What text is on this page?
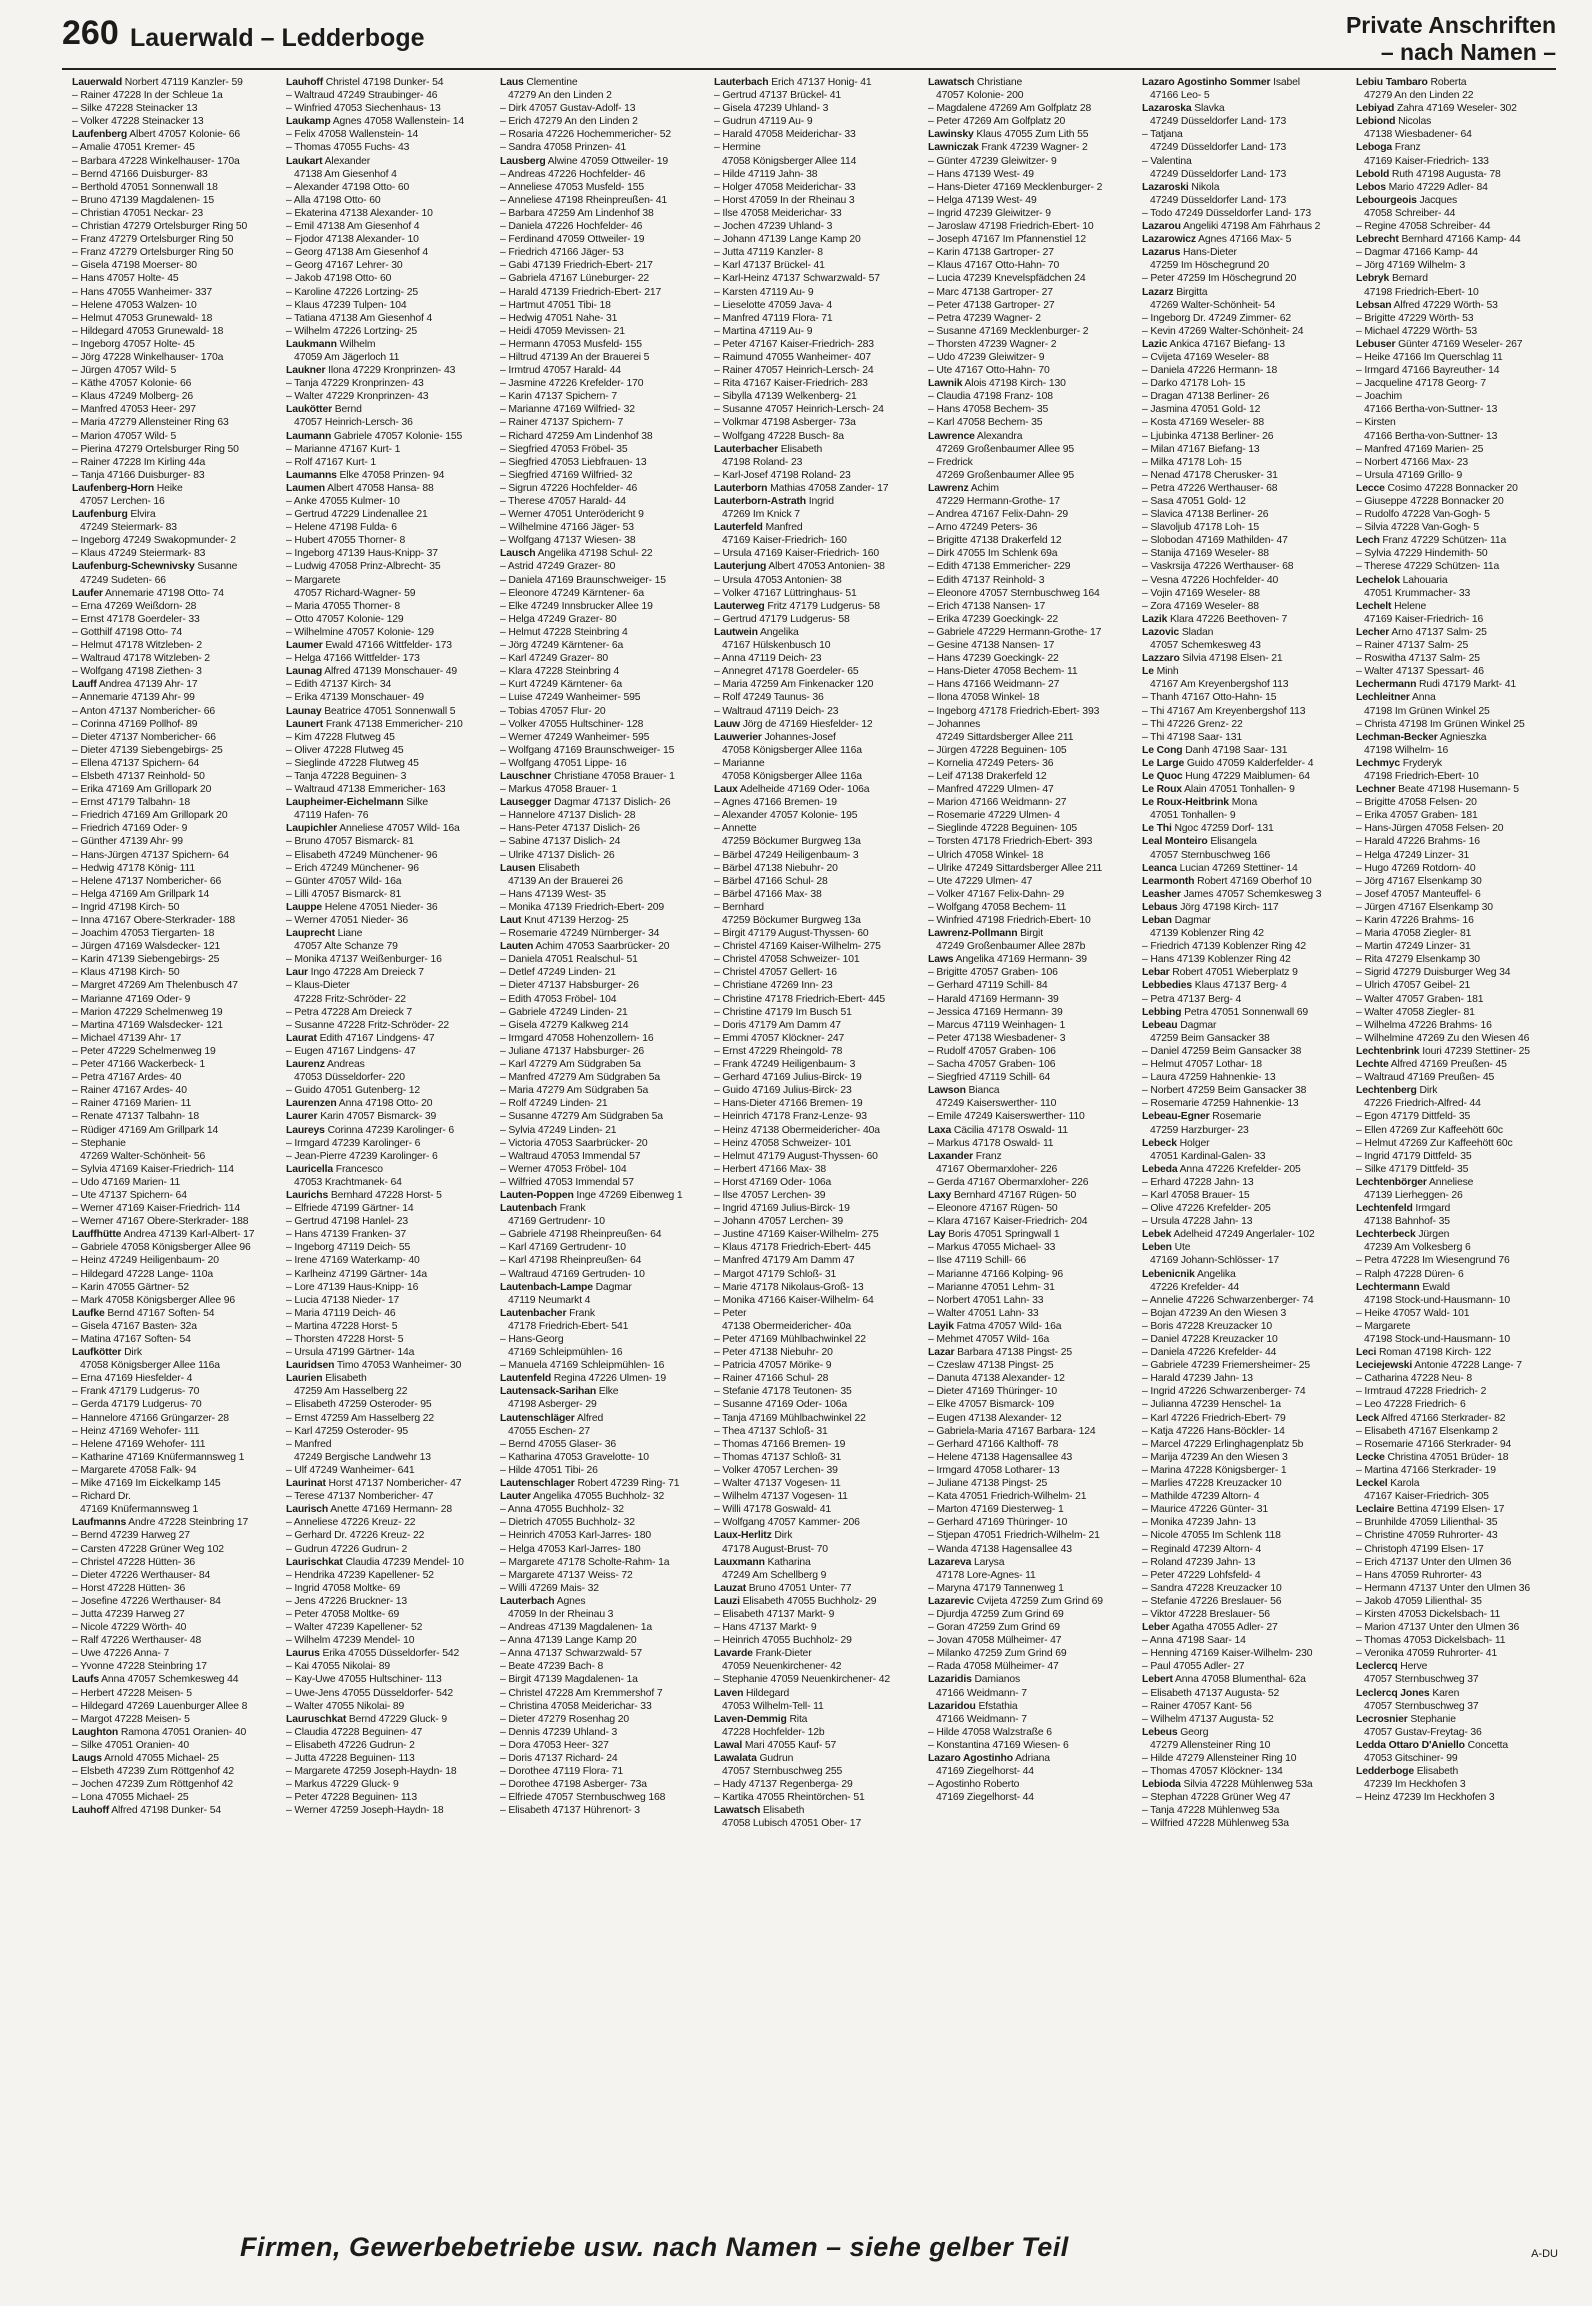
260 Lauerwald – Ledderboge	Private Anschriften
– nach Namen –
Lauerwald Norbert 47119 Kanzler- 59
– Rainer 47228 In der Schleue 1a
– Silke 47228 Steinacker 13
– Volker 47228 Steinacker 13
Laufenberg Albert 47057 Kolonie- 66
– Amalie 47051 Kremer- 45
– Barbara 47228 Winkelhauser- 170a
– Bernd 47166 Duisburger- 83
– Berthold 47051 Sonnenwall 18
– Bruno 47139 Magdalenen- 15
– Christian 47051 Neckar- 23
– Christian 47279 Ortelsburger Ring 50
– Franz 47279 Ortelsburger Ring 50
– Franz 47279 Ortelsburger Ring 50
– Gisela 47198 Moerser- 80
– Hans 47057 Holte- 45
– Hans 47055 Wanheimer- 337
– Helene 47053 Walzen- 10
– Helmut 47053 Grunewald- 18
– Hildegard 47053 Grunewald- 18
– Ingeborg 47057 Holte- 45
– Jörg 47228 Winkelhauser- 170a
– Jürgen 47057 Wild- 5
– Käthe 47057 Kolonie- 66
– Klaus 47249 Molberg- 26
– Manfred 47053 Heer- 297
– Maria 47279 Allensteiner Ring 63
– Marion 47057 Wild- 5
– Pierina 47279 Ortelsburger Ring 50
– Rainer 47228 Im Kirling 44a
– Tanja 47166 Duisburger- 83
Laufenberg-Horn Heike
47057 Lerchen- 16
Laufenburg Elvira
47249 Steiermark- 83
– Ingeborg 47249 Swakopmunder- 2
– Klaus 47249 Steiermark- 83
Laufenburg-Schewnivsky Susanne
47249 Sudeten- 66
Laufer Annemarie 47198 Otto- 74
– Erna 47269 Weißdorn- 28
– Ernst 47178 Goerdeler- 33
– Gotthilf 47198 Otto- 74
– Helmut 47178 Witzleben- 2
– Waltraud 47178 Witzleben- 2
– Wolfgang 47198 Ziethen- 3
Lauff Andrea 47139 Ahr- 17
– Annemarie 47139 Ahr- 99
– Anton 47137 Nombericher- 66
– Corinna 47169 Pollhof- 89
– Dieter 47137 Nombericher- 66
– Dieter 47139 Siebengebirgs- 25
– Ellena 47137 Spichern- 64
– Elsbeth 47137 Reinhold- 50
– Erika 47169 Am Grillopark 20
– Ernst 47179 Talbahn- 18
– Friedrich 47169 Am Grillopark 20
– Friedrich 47169 Oder- 9
– Günther 47139 Ahr- 99
– Hans-Jürgen 47137 Spichern- 64
– Hedwig 47178 König- 111
– Helene 47137 Nombericher- 66
– Helga 47169 Am Grillpark 14
– Ingrid 47198 Kirch- 50
– Inna 47167 Obere-Sterkrader- 188
– Joachim 47053 Tiergarten- 18
– Jürgen 47169 Walsdecker- 121
– Karin 47139 Siebengebirgs- 25
– Klaus 47198 Kirch- 50
– Margret 47269 Am Thelenbusch 47
– Marianne 47169 Oder- 9
– Marion 47229 Schelmenweg 19
– Martina 47169 Walsdecker- 121
– Michael 47139 Ahr- 17
– Peter 47229 Schelmenweg 19
– Peter 47166 Wackerbeck- 1
– Petra 47167 Ardes- 40
– Rainer 47167 Ardes- 40
– Rainer 47169 Marien- 11
– Renate 47137 Talbahn- 18
– Rüdiger 47169 Am Grillpark 14
– Stephanie
47269 Walter-Schönheit- 56
– Sylvia 47169 Kaiser-Friedrich- 114
– Udo 47169 Marien- 11
– Ute 47137 Spichern- 64
– Werner 47169 Kaiser-Friedrich- 114
– Werner 47167 Obere-Sterkrader- 188
Lauffhütte Andrea 47139 Karl-Albert- 17
– Gabriele 47058 Königsberger Allee 96
– Heinz 47249 Heiligenbaum- 20
– Hildegard 47228 Lange- 110a
– Karin 47055 Gärtner- 52
– Mark 47058 Königsberger Allee 96
Laufke Bernd 47167 Soften- 54
– Gisela 47167 Basten- 32a
– Matina 47167 Soften- 54
Laufkötter Dirk
47058 Königsberger Allee 116a
– Erna 47169 Hiesfelder- 4
– Frank 47179 Ludgerus- 70
– Gerda 47179 Ludgerus- 70
– Hannelore 47166 Grüngarzer- 28
– Heinz 47169 Wehofer- 111
– Helene 47169 Wehofer- 111
– Katharine 47169 Knüfermannsweg 1
– Margarete 47058 Falk- 94
– Mike 47169 Im Eickelkamp 145
– Richard Dr.
47169 Knüfermannsweg 1
Laufmanns Andre 47228 Steinbring 17
– Bernd 47239 Harweg 27
– Carsten 47228 Grüner Weg 102
– Christel 47228 Hütten- 36
– Dieter 47226 Werthauser- 84
– Horst 47228 Hütten- 36
– Josefine 47226 Werthauser- 84
– Jutta 47239 Harweg 27
– Nicole 47229 Wörth- 40
– Ralf 47226 Werthauser- 48
– Uwe 47226 Anna- 7
– Yvonne 47228 Steinbring 17
Laufs Anna 47057 Schemkesweg 44
– Herbert 47228 Meisen- 5
– Hildegard 47269 Lauenburger Allee 8
– Margot 47228 Meisen- 5
Laughton Ramona 47051 Oranien- 40
– Silke 47051 Oranien- 40
Laugs Arnold 47055 Michael- 25
– Elsbeth 47239 Zum Röttgenhof 42
– Jochen 47239 Zum Röttgenhof 42
– Lona 47055 Michael- 25
Lauhoff Alfred 47198 Dunker- 54
Lauhoff Christel 47198 Dunker- 54
– Waltraud 47249 Straubinger- 46
– Winfried 47053 Siechenhaus- 13
Laukamp Agnes 47058 Wallenstein- 14
– Felix 47058 Wallenstein- 14
– Thomas 47055 Fuchs- 43
Laukart Alexander
47138 Am Giesenhof 4
– Alexander 47198 Otto- 60
– Alla 47198 Otto- 60
– Ekaterina 47138 Alexander- 10
– Emil 47138 Am Giesenhof 4
– Fjodor 47138 Alexander- 10
– Georg 47138 Am Giesenhof 4
– Georg 47167 Lehrer- 30
– Jakob 47198 Otto- 60
– Karoline 47226 Lortzing- 25
– Klaus 47239 Tulpen- 104
– Tatiana 47138 Am Giesenhof 4
– Wilhelm 47226 Lortzing- 25
Laukmann Wilhelm
47059 Am Jägerloch 11
Laukner Ilona 47229 Kronprinzen- 43
– Tanja 47229 Kronprinzen- 43
– Walter 47229 Kronprinzen- 43
Laukötter Bernd
47057 Heinrich-Lersch- 36
Laumann Gabriele 47057 Kolonie- 155
– Marianne 47167 Kurt- 1
– Rolf 47167 Kurt- 1
Laumanns Elke 47058 Prinzen- 94
Laumen Albert 47058 Hansa- 88
– Anke 47055 Kulmer- 10
– Gertrud 47229 Lindenallee 21
– Helene 47198 Fulda- 6
– Hubert 47055 Thorner- 8
– Ingeborg 47139 Haus-Knipp- 37
– Ludwig 47058 Prinz-Albrecht- 35
– Margarete
47057 Richard-Wagner- 59
– Maria 47055 Thorner- 8
– Otto 47057 Kolonie- 129
– Wilhelmine 47057 Kolonie- 129
Laumer Ewald 47166 Wittfelder- 173
– Helga 47166 Wittfelder- 173
Launag Alfred 47139 Monschauer- 49
– Edith 47137 Kirch- 34
– Erika 47139 Monschauer- 49
Launay Beatrice 47051 Sonnenwall 5
Launert Frank 47138 Emmericher- 210
– Kim 47228 Flutweg 45
– Oliver 47228 Flutweg 45
– Sieglinde 47228 Flutweg 45
– Tanja 47228 Beguinen- 3
– Waltraud 47138 Emmericher- 163
Laupheimer-Eichelmann Silke
47119 Hafen- 76
Laupichler Anneliese 47057 Wild- 16a
– Bruno 47057 Bismarck- 81
– Elisabeth 47249 Münchener- 96
– Erich 47249 Münchener- 96
– Günter 47057 Wild- 16a
– Lilli 47057 Bismarck- 81
Lauppe Helene 47051 Nieder- 36
– Werner 47051 Nieder- 36
Lauprecht Liane
47057 Alte Schanze 79
– Monika 47137 Weißenburger- 16
Laur Ingo 47228 Am Dreieck 7
– Klaus-Dieter
47228 Fritz-Schröder- 22
– Petra 47228 Am Dreieck 7
– Susanne 47228 Fritz-Schröder- 22
Laurat Edith 47167 Lindgens- 47
– Eugen 47167 Lindgens- 47
Laurenz Andreas
47053 Düsseldorfer- 220
– Guido 47051 Gutenberg- 12
Laurenzen Anna 47198 Otto- 20
Laurer Karin 47057 Bismarck- 39
Laureys Corinna 47239 Karolinger- 6
– Irmgard 47239 Karolinger- 6
– Jean-Pierre 47239 Karolinger- 6
Lauricella Francesco
47053 Krachtmanek- 64
Laurichs Bernhard 47228 Horst- 5
– Elfriede 47199 Gärtner- 14
– Gertrud 47198 Hanlel- 23
– Hans 47139 Franken- 37
– Ingeborg 47119 Deich- 55
– Irene 47169 Waterkamp- 40
– Karlheinz 47199 Gärtner- 14a
– Lore 47139 Haus-Knipp- 16
– Lucia 47138 Nieder- 17
– Maria 47119 Deich- 46
– Martina 47228 Horst- 5
– Thorsten 47228 Horst- 5
– Ursula 47199 Gärtner- 14a
Lauridsen Timo 47053 Wanheimer- 30
Laurien Elisabeth
47259 Am Hasselberg 22
– Elisabeth 47259 Osteroder- 95
– Ernst 47259 Am Hasselberg 22
– Karl 47259 Osteroder- 95
– Manfred
47249 Bergische Landwehr 13
– Ulf 47249 Wanheimer- 641
Laurinat Horst 47137 Nombericher- 47
– Terese 47137 Nombericher- 47
Laurisch Anette 47169 Hermann- 28
– Anneliese 47226 Kreuz- 22
– Gerhard Dr. 47226 Kreuz- 22
– Gudrun 47226 Gudrun- 2
Laurischkat Claudia 47239 Mendel- 10
– Hendrika 47239 Kapellener- 52
– Ingrid 47058 Moltke- 69
– Jens 47226 Bruckner- 13
– Peter 47058 Moltke- 69
– Walter 47239 Kapellener- 52
– Wilhelm 47239 Mendel- 10
Laurus Erika 47055 Düsseldorfer- 542
– Kai 47055 Nikolai- 89
– Kay-Uwe 47055 Hultschiner- 113
– Uwe-Jens 47055 Düsseldorfer- 542
– Walter 47055 Nikolai- 89
Lauruschkat Bernd 47229 Gluck- 9
– Claudia 47228 Beguinen- 47
– Elisabeth 47226 Gudrun- 2
– Jutta 47228 Beguinen- 113
– Margarete 47259 Joseph-Haydn- 18
– Markus 47229 Gluck- 9
– Peter 47228 Beguinen- 113
– Werner 47259 Joseph-Haydn- 18
Laus Clementine
47279 An den Linden 2
– Dirk 47057 Gustav-Adolf- 13
– Erich 47279 An den Linden 2
– Rosaria 47226 Hochemmericher- 52
– Sandra 47058 Prinzen- 41
Lausberg Alwine 47059 Ottweiler- 19
– Andreas 47226 Hochfelder- 46
– Anneliese 47053 Musfeld- 155
– Anneliese 47198 Rheinpreußen- 41
– Barbara 47259 Am Lindenhof 38
– Daniela 47226 Hochfelder- 46
– Ferdinand 47059 Ottweiler- 19
– Friedrich 47166 Jäger- 53
– Gabi 47139 Friedrich-Ebert- 217
– Gabriela 47167 Lüneburger- 22
– Harald 47139 Friedrich-Ebert- 217
– Hartmut 47051 Tibi- 18
– Hedwig 47051 Nahe- 31
– Heidi 47059 Mevissen- 21
– Hermann 47053 Musfeld- 155
– Hiltrud 47139 An der Brauerei 5
– Irmtrud 47057 Harald- 44
– Jasmine 47226 Krefelder- 170
– Karin 47137 Spichern- 7
– Marianne 47169 Wilfried- 32
– Rainer 47137 Spichern- 7
– Richard 47259 Am Lindenhof 38
– Siegfried 47053 Fröbel- 35
– Siegfried 47053 Liebfrauen- 13
– Siegfried 47169 Wilfried- 32
– Sigrun 47226 Hochfelder- 46
– Therese 47057 Harald- 44
– Werner 47051 Unterödericht 9
– Wilhelmine 47166 Jäger- 53
– Wolfgang 47137 Wiesen- 38
Lausch Angelika 47198 Schul- 22
– Astrid 47249 Grazer- 80
– Daniela 47169 Braunschweiger- 15
– Eleonore 47249 Kärntener- 6a
– Elke 47249 Innsbrucker Allee 19
– Helga 47249 Grazer- 80
– Helmut 47228 Steinbring 4
– Jörg 47249 Kärntener- 6a
– Karl 47249 Grazer- 80
– Klara 47228 Steinbring 4
– Kurt 47249 Kärntener- 6a
– Luise 47249 Wanheimer- 595
– Tobias 47057 Flur- 20
– Volker 47055 Hultschiner- 128
– Werner 47249 Wanheimer- 595
– Wolfgang 47169 Braunschweiger- 15
– Wolfgang 47051 Lippe- 16
Lauschner Christiane 47058 Brauer- 1
– Markus 47058 Brauer- 1
Lausegger Dagmar 47137 Dislich- 26
– Hannelore 47137 Dislich- 28
– Hans-Peter 47137 Dislich- 26
– Sabine 47137 Dislich- 24
– Ulrike 47137 Dislich- 26
Lausen Elisabeth
47139 An der Brauerei 26
– Hans 47139 West- 35
– Monika 47139 Friedrich-Ebert- 209
Laut Knut 47139 Herzog- 25
– Rosemarie 47249 Nürnberger- 34
Lauten Achim 47053 Saarbrücker- 20
– Daniela 47051 Realschul- 51
– Detlef 47249 Linden- 21
– Dieter 47137 Habsburger- 26
– Edith 47053 Fröbel- 104
– Gabriele 47249 Linden- 21
– Gisela 47279 Kalkweg 214
– Irmgard 47058 Hohenzollern- 16
– Juliane 47137 Habsburger- 26
– Karl 47279 Am Südgraben 5a
– Manfred 47279 Am Südgraben 5a
– Maria 47279 Am Südgraben 5a
– Rolf 47249 Linden- 21
– Susanne 47279 Am Südgraben 5a
– Sylvia 47249 Linden- 21
– Victoria 47053 Saarbrücker- 20
– Waltraud 47053 Immendal 57
– Werner 47053 Fröbel- 104
– Wilfried 47053 Immendal 57
Lauten-Poppen Inge 47269 Eibenweg 1
Lautenbach Frank
47169 Gertrudenr- 10
– Gabriele 47198 Rheinpreußen- 64
– Karl 47169 Gertrudenr- 10
– Karl 47198 Rheinpreußen- 64
– Waltraud 47169 Gertruden- 10
Lautenbach-Lampe Dagmar
47119 Neumarkt 4
Lautenbacher Frank
47178 Friedrich-Ebert- 541
– Hans-Georg
47169 Schleipmühlen- 16
– Manuela 47169 Schleipmühlen- 16
Lautenfeld Regina 47226 Ulmen- 19
Lautensack-Sarihan Elke
47198 Asberger- 29
Lautenschläger Alfred
47055 Eschen- 27
– Bernd 47055 Glaser- 36
– Katharina 47053 Gravelotte- 10
– Hilde 47051 Tibi- 26
Lautenschlager Robert 47239 Ring- 71
Lauter Angelika 47055 Buchholz- 32
– Anna 47055 Buchholz- 32
– Dietrich 47055 Buchholz- 32
– Heinrich 47053 Karl-Jarres- 180
– Helga 47053 Karl-Jarres- 180
– Margarete 47178 Scholte-Rahm- 1a
– Margarete 47137 Weiss- 72
– Willi 47269 Mais- 32
Lauterbach Agnes
47059 In der Rheinau 3
– Andreas 47139 Magdalenen- 1a
– Anna 47139 Lange Kamp 20
– Anna 47137 Schwarzwald- 57
– Beate 47239 Bach- 8
– Birgit 47139 Magdalenen- 1a
– Christel 47228 Am Kremmershof 7
– Christina 47058 Meiderichar- 33
– Dieter 47279 Rosenhag 20
– Dennis 47239 Uhland- 3
– Dora 47053 Heer- 327
– Doris 47137 Richard- 24
– Dorothee 47119 Flora- 71
– Dorothee 47198 Asberger- 73a
– Elfriede 47057 Sternbuschweg 168
– Elisabeth 47137 Hührenort- 3
Lauterbach Erich 47137 Honig- 41
– Gertrud 47137 Brückel- 41
– Gisela 47239 Uhland- 3
– Gudrun 47119 Au- 9
– Harald 47058 Meiderichar- 33
– Hermine
47058 Königsberger Allee 114
– Hilde 47119 Jahn- 38
– Holger 47058 Meiderichar- 33
– Horst 47059 In der Rheinau 3
– Ilse 47058 Meiderichar- 33
– Jochen 47239 Uhland- 3
– Johann 47139 Lange Kamp 20
– Jutta 47119 Kanzler- 8
– Karl 47137 Brückel- 41
– Karl-Heinz 47137 Schwarzwald- 57
– Karsten 47119 Au- 9
– Lieselotte 47059 Java- 4
– Manfred 47119 Flora- 71
– Martina 47119 Au- 9
– Peter 47167 Kaiser-Friedrich- 283
– Raimund 47055 Wanheimer- 407
– Rainer 47057 Heinrich-Lersch- 24
– Rita 47167 Kaiser-Friedrich- 283
– Sibylla 47139 Welkenberg- 21
– Susanne 47057 Heinrich-Lersch- 24
– Volkmar 47198 Asberger- 73a
– Wolfgang 47228 Busch- 8a
Lauterbacher Elisabeth
47198 Roland- 23
– Karl-Josef 47198 Roland- 23
Lauterborn Mathias 47058 Zander- 17
Lauterborn-Astrath Ingrid
47269 Im Knick 7
Lauterfeld Manfred
47169 Kaiser-Friedrich- 160
– Ursula 47169 Kaiser-Friedrich- 160
Lauterjung Albert 47053 Antonien- 38
– Ursula 47053 Antonien- 38
– Volker 47167 Lüttringhaus- 51
Lauterweg Fritz 47179 Ludgerus- 58
– Gertrud 47179 Ludgerus- 58
Lautwein Angelika
47167 Hülskenbusch 10
– Anna 47119 Deich- 23
– Annegret 47178 Goerdeler- 65
– Maria 47259 Am Finkenacker 120
– Rolf 47249 Taunus- 36
– Waltraud 47119 Deich- 23
Lauw Jörg de 47169 Hiesfelder- 12
Lauwerier Johannes-Josef
47058 Königsberger Allee 116a
– Marianne
47058 Königsberger Allee 116a
Laux Adelheide 47169 Oder- 106a
– Agnes 47166 Bremen- 19
– Alexander 47057 Kolonie- 195
– Annette
47259 Böckumer Burgweg 13a
– Bärbel 47249 Heiligenbaum- 3
– Bärbel 47138 Niebuhr- 20
– Bärbel 47166 Schul- 28
– Bärbel 47166 Max- 38
– Bernhard
47259 Böckumer Burgweg 13a
– Birgit 47179 August-Thyssen- 60
– Christel 47169 Kaiser-Wilhelm- 275
– Christel 47058 Schweizer- 101
– Christel 47057 Gellert- 16
– Christiane 47269 Inn- 23
– Christine 47178 Friedrich-Ebert- 445
– Christine 47179 Im Busch 51
– Doris 47179 Am Damm 47
– Emmi 47057 Klöckner- 247
– Ernst 47229 Rheingold- 78
– Frank 47249 Heiligenbaum- 3
– Gerhard 47169 Julius-Birck- 19
– Guido 47169 Julius-Birck- 23
– Hans-Dieter 47166 Bremen- 19
– Heinrich 47178 Franz-Lenze- 93
– Heinz 47138 Obermeidericher- 40a
– Heinz 47058 Schweizer- 101
– Helmut 47179 August-Thyssen- 60
– Herbert 47166 Max- 38
– Horst 47169 Oder- 106a
– Ilse 47057 Lerchen- 39
– Ingrid 47169 Julius-Birck- 19
– Johann 47057 Lerchen- 39
– Justine 47169 Kaiser-Wilhelm- 275
– Klaus 47178 Friedrich-Ebert- 445
– Manfred 47179 Am Damm 47
– Margot 47179 Schloß- 31
– Marie 47178 Nikolaus-Groß- 13
– Monika 47166 Kaiser-Wilhelm- 64
– Peter
47138 Obermeidericher- 40a
– Peter 47169 Mühlbachwinkel 22
– Peter 47138 Niebuhr- 20
– Patricia 47057 Mörike- 9
– Rainer 47166 Schul- 28
– Stefanie 47178 Teutonen- 35
– Susanne 47169 Oder- 106a
– Tanja 47169 Mühlbachwinkel 22
– Thea 47137 Schloß- 31
– Thomas 47166 Bremen- 19
– Thomas 47137 Schloß- 31
– Volker 47057 Lerchen- 39
– Walter 47137 Vogesen- 11
– Wilhelm 47137 Vogesen- 11
– Willi 47178 Goswald- 41
– Wolfgang 47057 Kammer- 206
Laux-Herlitz Dirk
47178 August-Brust- 70
Lauxmann Katharina
47249 Am Schellberg 9
Lauzat Bruno 47051 Unter- 77
Lauzi Elisabeth 47055 Buchholz- 29
– Elisabeth 47137 Markt- 9
– Hans 47137 Markt- 9
– Heinrich 47055 Buchholz- 29
Lavarde Frank-Dieter
47059 Neuenkirchener- 42
– Stephanie 47059 Neuenkirchener- 42
Laven Hildegard
47053 Wilhelm-Tell- 11
Laven-Demmig Rita
47228 Hochfelder- 12b
Lawal Mari 47055 Kauf- 57
Lawalata Gudrun
47057 Sternbuschweg 255
– Hady 47137 Regenberga- 29
– Kartika 47055 Rheintörchen- 51
Lawatsch Elisabeth
47058 Lubisch 47051 Ober- 17
Lawatsch Christiane
47057 Kolonie- 200
– Magdalene 47269 Am Golfplatz 28
– Peter 47269 Am Golfplatz 20
Lawinsky Klaus 47055 Zum Lith 55
Lawniczak Frank 47239 Wagner- 2
– Günter 47239 Gleiwitzer- 9
– Hans 47139 West- 49
– Hans-Dieter 47169 Mecklenburger- 2
– Helga 47139 West- 49
– Ingrid 47239 Gleiwitzer- 9
– Jaroslaw 47198 Friedrich-Ebert- 10
– Joseph 47167 Im Pfannenstiel 12
– Karin 47138 Gartroper- 27
– Klaus 47167 Otto-Hahn- 70
– Lucia 47239 Knevelspfädchen 24
– Marc 47138 Gartroper- 27
– Peter 47138 Gartroper- 27
– Petra 47239 Wagner- 2
– Susanne 47169 Mecklenburger- 2
– Thorsten 47239 Wagner- 2
– Udo 47239 Gleiwitzer- 9
– Ute 47167 Otto-Hahn- 70
Lawnik Alois 47198 Kirch- 130
– Claudia 47198 Franz- 108
– Hans 47058 Bechem- 35
– Karl 47058 Bechem- 35
Lawrence Alexandra
47269 Großenbaumer Allee 95
– Fredrick
47269 Großenbaumer Allee 95
Lawrenz Achim
47229 Hermann-Grothe- 17
– Andrea 47167 Felix-Dahn- 29
– Arno 47249 Peters- 36
– Brigitte 47138 Drakerfeld 12
– Dirk 47055 Im Schlenk 69a
– Edith 47138 Emmericher- 229
– Edith 47137 Reinhold- 3
– Eleonore 47057 Sternbuschweg 164
– Erich 47138 Nansen- 17
– Erika 47239 Goeckingk- 22
– Gabriele 47229 Hermann-Grothe- 17
– Gesine 47138 Nansen- 17
– Hans 47239 Goeckingk- 22
– Hans-Dieter 47058 Bechem- 11
– Hans 47166 Weidmann- 27
– Ilona 47058 Winkel- 18
– Ingeborg 47178 Friedrich-Ebert- 393
– Johannes
47249 Sittardsberger Allee 211
– Jürgen 47228 Beguinen- 105
– Kornelia 47249 Peters- 36
– Leif 47138 Drakerfeld 12
– Manfred 47229 Ulmen- 47
– Marion 47166 Weidmann- 27
– Rosemarie 47229 Ulmen- 4
– Sieglinde 47228 Beguinen- 105
– Torsten 47178 Friedrich-Ebert- 393
– Ulrich 47058 Winkel- 18
– Ulrike 47249 Sittardsberger Allee 211
– Ute 47229 Ulmen- 47
– Volker 47167 Felix-Dahn- 29
– Wolfgang 47058 Bechem- 11
– Winfried 47198 Friedrich-Ebert- 10
Lawrenz-Pollmann Birgit
47249 Großenbaumer Allee 287b
Laws Angelika 47169 Hermann- 39
– Brigitte 47057 Graben- 106
– Gerhard 47119 Schill- 84
– Harald 47169 Hermann- 39
– Jessica 47169 Hermann- 39
– Marcus 47119 Weinhagen- 1
– Peter 47138 Wiesbadener- 3
– Rudolf 47057 Graben- 106
– Sacha 47057 Graben- 106
– Siegfried 47119 Schill- 64
Lawson Bianca
47249 Kaiserswerther- 110
– Emile 47249 Kaiserswerther- 110
Laxa Cäcilia 47178 Oswald- 11
– Markus 47178 Oswald- 11
Laxander Franz
47167 Obermarxloher- 226
– Gerda 47167 Obermarxloher- 226
Laxy Bernhard 47167 Rügen- 50
– Eleonore 47167 Rügen- 50
– Klara 47167 Kaiser-Friedrich- 204
Lay Boris 47051 Springwall 1
– Markus 47055 Michael- 33
– Ilse 47119 Schill- 66
– Marianne 47166 Kolping- 96
– Marianne 47051 Lehm- 31
– Norbert 47051 Lahn- 33
– Walter 47051 Lahn- 33
Layik Fatma 47057 Wild- 16a
– Mehmet 47057 Wild- 16a
Lazar Barbara 47138 Pingst- 25
– Czeslaw 47138 Pingst- 25
– Danuta 47138 Alexander- 12
– Dieter 47169 Thüringer- 10
– Elke 47057 Bismarck- 109
– Eugen 47138 Alexander- 12
– Gabriela-Maria 47167 Barbara- 124
– Gerhard 47166 Kalthoff- 78
– Helene 47138 Hagensallee 43
– Irmgard 47058 Lotharer- 13
– Juliane 47138 Pingst- 25
– Kata 47051 Friedrich-Wilhelm- 21
– Marton 47169 Diesterweg- 1
– Gerhard 47169 Thüringer- 10
– Stjepan 47051 Friedrich-Wilhelm- 21
– Wanda 47138 Hagensallee 43
Lazareva Larysa
47178 Lore-Agnes- 11
– Maryna 47179 Tannenweg 1
Lazarevic Cvijeta 47259 Zum Grind 69
– Djurdja 47259 Zum Grind 69
– Goran 47259 Zum Grind 69
– Jovan 47058 Mülheimer- 47
– Milanko 47259 Zum Grind 69
– Rada 47058 Mülheimer- 47
Lazaridis Damianos
47166 Weidmann- 7
Lazaridou Efstathia
47166 Weidmann- 7
– Hilde 47058 Walzstraße 6
– Konstantina 47169 Wiesen- 6
Lazaro Agostinho Adriana
47169 Ziegelhorst- 44
– Agostinho Roberto
47169 Ziegelhorst- 44
Lazaro Agostinho Sommer Isabel
47166 Leo- 5
Lazaroska Slavka
47249 Düsseldorfer Land- 173
– Tatjana
47249 Düsseldorfer Land- 173
– Valentina
47249 Düsseldorfer Land- 173
Lazaroski Nikola
47249 Düsseldorfer Land- 173
– Todo 47249 Düsseldorfer Land- 173
Lazarou Angeliki 47198 Am Fährhaus 2
Lazarowicz Agnes 47166 Max- 5
Lazarus Hans-Dieter
47259 Im Höschegrund 20
– Peter 47259 Im Höschegrund 20
Lazarz Birgitta
47269 Walter-Schönheit- 54
– Ingeborg Dr. 47249 Zimmer- 62
– Kevin 47269 Walter-Schönheit- 24
Lazic Ankica 47167 Biefang- 13
– Cvijeta 47169 Weseler- 88
– Daniela 47226 Hermann- 18
– Darko 47178 Loh- 15
– Dragan 47138 Berliner- 26
– Jasmina 47051 Gold- 12
– Kosta 47169 Weseler- 88
– Ljubinka 47138 Berliner- 26
– Milan 47167 Biefang- 13
– Milka 47178 Loh- 15
– Nenad 47178 Cherusker- 31
– Petra 47226 Werthauser- 68
– Sasa 47051 Gold- 12
– Slavica 47138 Berliner- 26
– Slavoljub 47178 Loh- 15
– Slobodan 47169 Mathilden- 47
– Stanija 47169 Weseler- 88
– Vaskrsija 47226 Werthauser- 68
– Vesna 47226 Hochfelder- 40
– Vojin 47169 Weseler- 88
– Zora 47169 Weseler- 88
Lazik Klara 47226 Beethoven- 7
Lazovic Sladan
47057 Schemkesweg 43
Lazzaro Silvia 47198 Elsen- 21
Le Minh
47167 Am Kreyenbergshof 113
– Thanh 47167 Otto-Hahn- 15
– Thi 47167 Am Kreyenbergshof 113
– Thi 47226 Grenz- 22
– Thi 47198 Saar- 131
Le Cong Danh 47198 Saar- 131
Le Large Guido 47059 Kalderfelder- 4
Le Quoc Hung 47229 Maiblumen- 64
Le Roux Alain 47051 Tonhallen- 9
Le Roux-Heitbrink Mona
47051 Tonhallen- 9
Le Thi Ngoc 47259 Dorf- 131
Leal Monteiro Elisangela
47057 Sternbuschweg 166
Leanca Lucian 47269 Stettiner- 14
Learmonth Robert 47169 Oberhof 10
Leasher James 47057 Schemkesweg 3
Lebaus Jörg 47198 Kirch- 117
Leban Dagmar
47139 Koblenzer Ring 42
– Friedrich 47139 Koblenzer Ring 42
– Hans 47139 Koblenzer Ring 42
Lebar Robert 47051 Wieberplatz 9
Lebbedies Klaus 47137 Berg- 4
– Petra 47137 Berg- 4
Lebbing Petra 47051 Sonnenwall 69
Lebeau Dagmar
47259 Beim Gansacker 38
– Daniel 47259 Beim Gansacker 38
– Helmut 47057 Lothar- 18
– Laura 47259 Hahnenkie- 13
– Norbert 47259 Beim Gansacker 38
– Rosemarie 47259 Hahnenkie- 13
Lebeau-Egner Rosemarie
47259 Harzburger- 23
Lebeck Holger
47051 Kardinal-Galen- 33
Lebeda Anna 47226 Krefelder- 205
– Erhard 47228 Jahn- 13
– Karl 47058 Brauer- 15
– Olive 47226 Krefelder- 205
– Ursula 47228 Jahn- 13
Lebek Adelheid 47249 Angerlaler- 102
Leben Ute
47169 Johann-Schlösser- 17
Lebenicnik Angelika
47226 Krefelder- 44
– Annelie 47226 Schwarzenberger- 74
– Bojan 47239 An den Wiesen 3
– Boris 47228 Kreuzacker 10
– Daniel 47228 Kreuzacker 10
– Daniela 47226 Krefelder- 44
– Gabriele 47239 Friemersheimer- 25
– Harald 47239 Jahn- 13
– Ingrid 47226 Schwarzenberger- 74
– Julianna 47239 Henschel- 1a
– Karl 47226 Friedrich-Ebert- 79
– Katja 47226 Hans-Böckler- 14
– Marcel 47229 Erlinghagenplatz 5b
– Marija 47239 An den Wiesen 3
– Marina 47228 Königsberger- 1
– Marlies 47228 Kreuzacker 10
– Mathilde 47239 Altorn- 4
– Maurice 47226 Günter- 31
– Monika 47239 Jahn- 13
– Nicole 47055 Im Schlenk 118
– Reginald 47239 Altorn- 4
– Roland 47239 Jahn- 13
– Peter 47229 Lohfsfeld- 4
– Sandra 47228 Kreuzacker 10
– Stefanie 47226 Breslauer- 56
– Viktor 47228 Breslauer- 56
Leber Agatha 47055 Adler- 27
– Anna 47198 Saar- 14
– Henning 47169 Kaiser-Wilhelm- 230
– Paul 47055 Adler- 27
Lebert Anna 47058 Blumenthal- 62a
– Elisabeth 47137 Augusta- 52
– Rainer 47057 Kant- 56
– Wilhelm 47137 Augusta- 52
Lebeus Georg
47279 Allensteiner Ring 10
– Hilde 47279 Allensteiner Ring 10
– Thomas 47057 Klöckner- 134
Lebioda Silvia 47228 Mühlenweg 53a
– Stephan 47228 Grüner Weg 47
– Tanja 47228 Mühlenweg 53a
– Wilfried 47228 Mühlenweg 53a
Lebiu Tambaro Roberta
47279 An den Linden 22
Lebiyad Zahra 47169 Weseler- 302
Lebiond Nicolas
47138 Wiesbadener- 64
Leboga Franz
47169 Kaiser-Friedrich- 133
Lebold Ruth 47198 Augusta- 78
Lebos Mario 47229 Adler- 84
Lebourgeois Jacques
47058 Schreiber- 44
– Regine 47058 Schreiber- 44
Lebrecht Bernhard 47166 Kamp- 44
– Dagmar 47166 Kamp- 44
– Jörg 47169 Wilhelm- 3
Lebryk Bernard
47198 Friedrich-Ebert- 10
Lebsan Alfred 47229 Wörth- 53
– Brigitte 47229 Wörth- 53
– Michael 47229 Wörth- 53
Lebuser Günter 47169 Weseler- 267
– Heike 47166 Im Querschlag 11
– Irmgard 47166 Bayreuther- 14
– Jacqueline 47178 Georg- 7
– Joachim
47166 Bertha-von-Suttner- 13
– Kirsten
47166 Bertha-von-Suttner- 13
– Manfred 47169 Marien- 25
– Norbert 47166 Max- 23
– Ursula 47169 Grillo- 9
Lecce Cosimo 47228 Bonnacker 20
– Giuseppe 47228 Bonnacker 20
– Rudolfo 47228 Van-Gogh- 5
– Silvia 47228 Van-Gogh- 5
Lech Franz 47229 Schützen- 11a
– Sylvia 47229 Hindemith- 50
– Therese 47229 Schützen- 11a
Lechelok Lahouaria
47051 Krummacher- 33
Lechelt Helene
47169 Kaiser-Friedrich- 16
Lecher Arno 47137 Salm- 25
– Rainer 47137 Salm- 25
– Roswitha 47137 Salm- 25
– Walter 47137 Spessart- 46
Lechermann Rudi 47179 Markt- 41
Lechleitner Anna
47198 Im Grünen Winkel 25
– Christa 47198 Im Grünen Winkel 25
Lechman-Becker Agnieszka
47198 Wilhelm- 16
Lechmyc Fryderyk
47198 Friedrich-Ebert- 10
Lechner Beate 47198 Husemann- 5
– Brigitte 47058 Felsen- 20
– Erika 47057 Graben- 181
– Hans-Jürgen 47058 Felsen- 20
– Harald 47226 Brahms- 16
– Helga 47249 Linzer- 31
– Hugo 47269 Rotdorn- 40
– Jörg 47167 Elsenkamp 30
– Josef 47057 Manteuffel- 6
– Jürgen 47167 Elsenkamp 30
– Karin 47226 Brahms- 16
– Maria 47058 Ziegler- 81
– Martin 47249 Linzer- 31
– Rita 47279 Elsenkamp 30
– Sigrid 47279 Duisburger Weg 34
– Ulrich 47057 Geibel- 21
– Walter 47057 Graben- 181
– Walter 47058 Ziegler- 81
– Wilhelma 47226 Brahms- 16
– Wilhelmine 47269 Zu den Wiesen 46
Lechtenbrink Iouri 47239 Stettiner- 25
Lechte Alfred 47169 Preußen- 45
– Waltraud 47169 Preußen- 45
Lechtenberg Dirk
47226 Friedrich-Alfred- 44
– Egon 47179 Dittfeld- 35
– Ellen 47269 Zur Kaffeehött 60c
– Helmut 47269 Zur Kaffeehött 60c
– Ingrid 47179 Dittfeld- 35
– Silke 47179 Dittfeld- 35
Lechtenbörger Anneliese
47139 Lierheggen- 26
Lechtenfeld Irmgard
47138 Bahnhof- 35
Lechterbeck Jürgen
47239 Am Volkesberg 6
– Petra 47228 Im Wiesengrund 76
– Ralph 47228 Düren- 6
Lechtermann Ewald
47198 Stock-und-Hausmann- 10
– Heike 47057 Wald- 101
– Margarete
47198 Stock-und-Hausmann- 10
Leci Roman 47198 Kirch- 122
Leciejewski Antonie 47228 Lange- 7
– Catharina 47228 Neu- 8
– Irmtraud 47228 Friedrich- 2
– Leo 47228 Friedrich- 6
Leck Alfred 47166 Sterkrader- 82
– Elisabeth 47167 Elsenkamp 2
– Rosemarie 47166 Sterkrader- 94
Lecke Christina 47051 Brüder- 18
– Martina 47166 Sterkrader- 19
Leckel Karola
47167 Kaiser-Friedrich- 305
Leclaire Bettina 47199 Elsen- 17
– Brunhilde 47059 Lilienthal- 35
– Christine 47059 Ruhrorter- 43
– Christoph 47199 Elsen- 17
– Erich 47137 Unter den Ulmen 36
– Hans 47059 Ruhrorter- 43
– Hermann 47137 Unter den Ulmen 36
– Jakob 47059 Lilienthal- 35
– Kirsten 47053 Dickelsbach- 11
– Marion 47137 Unter den Ulmen 36
– Thomas 47053 Dickelsbach- 11
– Veronika 47059 Ruhrorter- 41
Leclercq Herve
47057 Sternbuschweg 37
Leclercq Jones Karen
47057 Sternbuschweg 37
Lecrosnier Stephanie
47057 Gustav-Freytag- 36
Ledda Ottaro D'Aniello Concetta
47053 Gitschiner- 99
Ledderboge Elisabeth
47239 Im Heckhofen 3
– Heinz 47239 Im Heckhofen 3
Firmen, Gewerbebetriebe usw. nach Namen – siehe gelber Teil	A-DU
